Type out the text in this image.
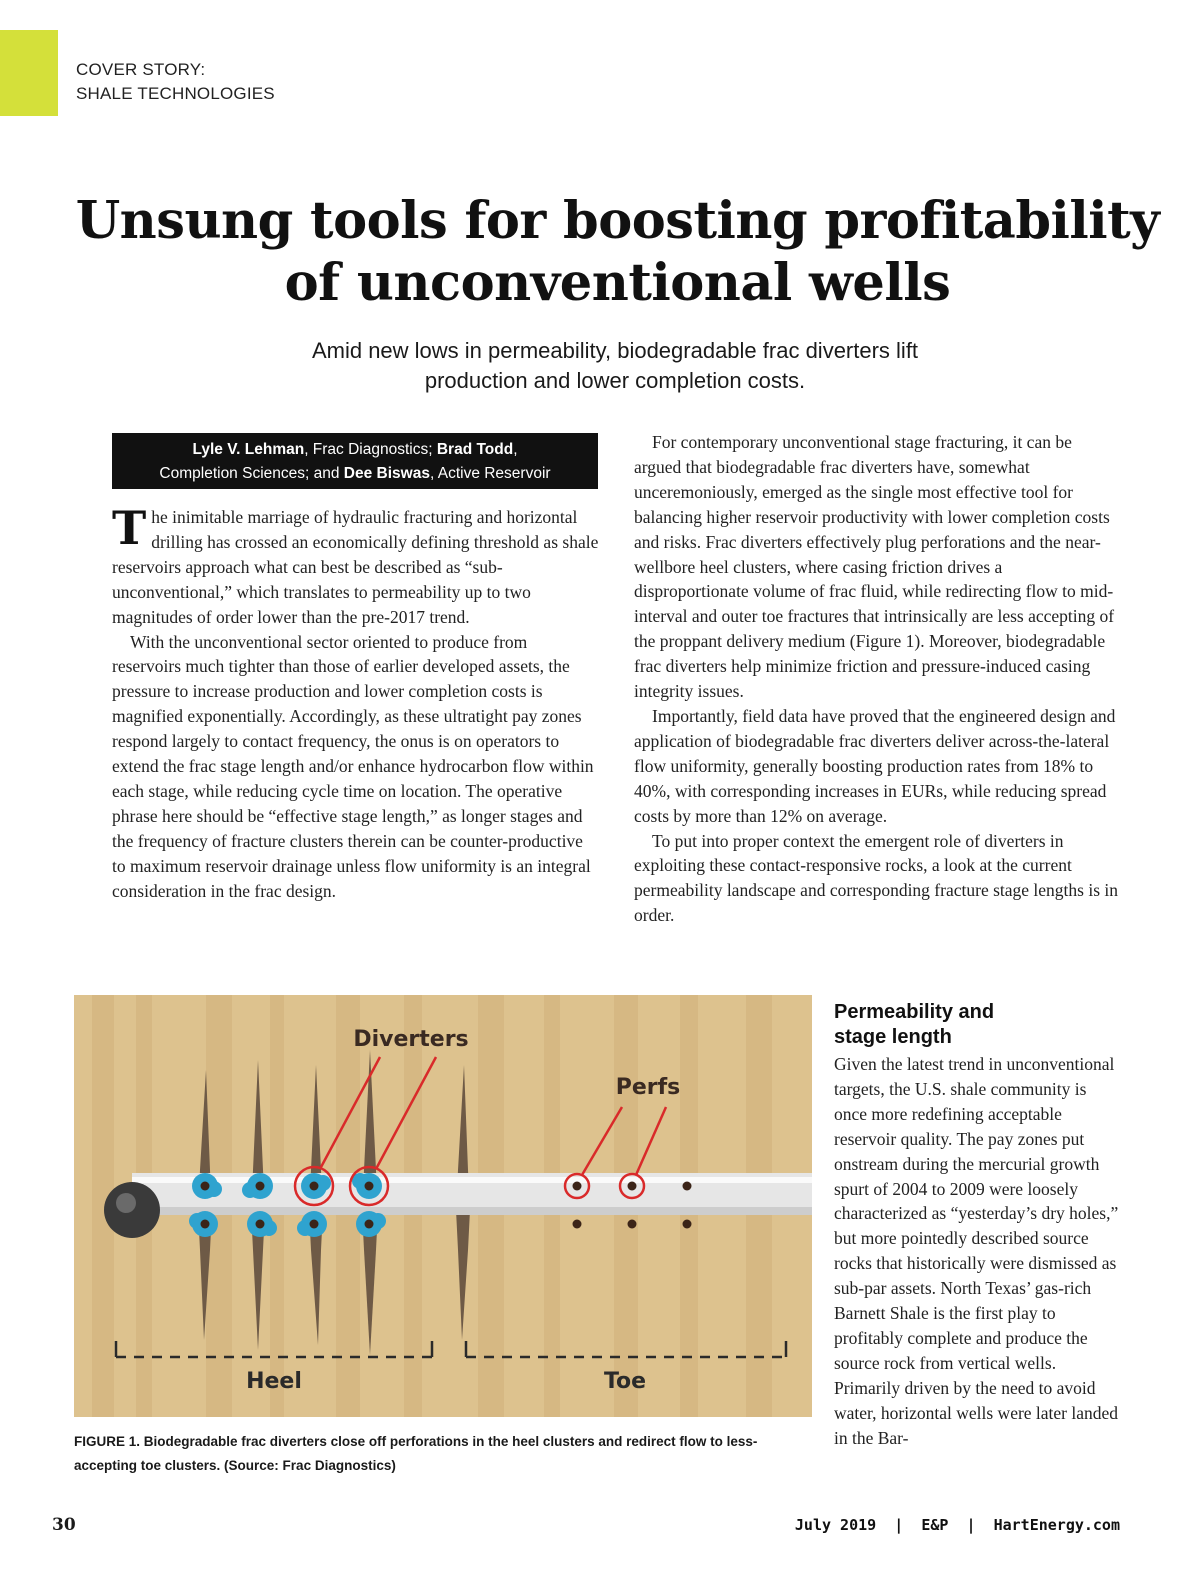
COVER STORY:
SHALE TECHNOLOGIES
Unsung tools for boosting profitability
of unconventional wells

Amid new lows in permeability, biodegradable frac diverters lift
production and lower completion costs.

Lyle V. Lehman, Frac Diagnostics; Brad Todd,
Completion Sciences; and Dee Biswas, Active Reservoir

The inimitable marriage of hydraulic fracturing and horizontal drilling has crossed an economically defining threshold as shale reservoirs approach what can best be described as “sub-unconventional,” which translates to permeability up to two magnitudes of order lower than the pre-2017 trend.

With the unconventional sector oriented to produce from reservoirs much tighter than those of earlier developed assets, the pressure to increase production and lower completion costs is magnified exponentially. Accordingly, as these ultratight pay zones respond largely to contact frequency, the onus is on operators to extend the frac stage length and/or enhance hydrocarbon flow within each stage, while reducing cycle time on location. The operative phrase here should be “effective stage length,” as longer stages and the frequency of fracture clusters therein can be counter-productive to maximum reservoir drainage unless flow uniformity is an integral consideration in the frac design.

For contemporary unconventional stage fracturing, it can be argued that biodegradable frac diverters have, somewhat unceremoniously, emerged as the single most effective tool for balancing higher reservoir productivity with lower completion costs and risks. Frac diverters effectively plug perforations and the near-wellbore heel clusters, where casing friction drives a disproportionate volume of frac fluid, while redirecting flow to mid-interval and outer toe fractures that intrinsically are less accepting of the proppant delivery medium (Figure 1). Moreover, biodegradable frac diverters help minimize friction and pressure-induced casing integrity issues.

Importantly, field data have proved that the engineered design and application of biodegradable frac diverters deliver across-the-lateral flow uniformity, generally boosting production rates from 18% to 40%, with corresponding increases in EURs, while reducing spread costs by more than 12% on average.

To put into proper context the emergent role of diverters in exploiting these contact-responsive rocks, a look at the current permeability landscape and corresponding fracture stage lengths is in order.

Diverters
Perfs
Heel	Toe
FIGURE 1. Biodegradable frac diverters close off perforations in the heel clusters and redirect flow to less-accepting toe clusters. (Source: Frac Diagnostics)
Permeability and
stage length

Given the latest trend in unconventional targets, the U.S. shale community is once more redefining acceptable reservoir quality. The pay zones put onstream during the mercurial growth spurt of 2004 to 2009 were loosely characterized as “yesterday’s dry holes,” but more pointedly described source rocks that historically were dismissed as sub-par assets. North Texas’ gas-rich Barnett Shale is the first play to profitably complete and produce the source rock from vertical wells. Primarily driven by the need to avoid water, horizontal wells were later landed in the Bar-

30	July 2019  |  E&P  |  HartEnergy.com
